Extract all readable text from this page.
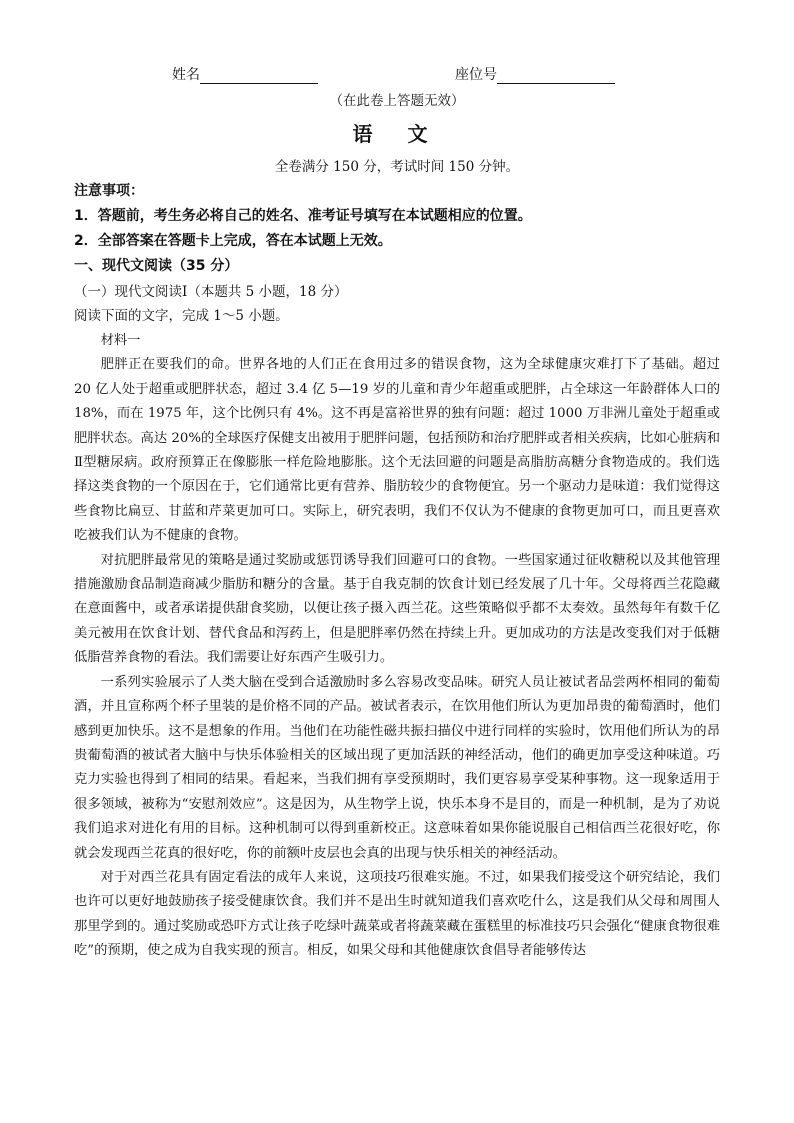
姓名	座位号
（在此卷上答题无效）
语 文
全卷满分 150 分，考试时间 150 分钟。
注意事项：
1．答题前，考生务必将自己的姓名、准考证号填写在本试题相应的位置。
2．全部答案在答题卡上完成，答在本试题上无效。
一、现代文阅读（35 分）
（一）现代文阅读Ⅰ（本题共 5 小题，18 分）
阅读下面的文字，完成 1～5 小题。

材料一

肥胖正在要我们的命。世界各地的人们正在食用过多的错误食物，这为全球健康灾难打下了基础。超过 20 亿人处于超重或肥胖状态，超过 3.4 亿 5—19 岁的儿童和青少年超重或肥胖，占全球这一年龄群体人口的 18%，而在 1975 年，这个比例只有 4%。这不再是富裕世界的独有问题：超过 1000 万非洲儿童处于超重或肥胖状态。高达 20%的全球医疗保健支出被用于肥胖问题，包括预防和治疗肥胖或者相关疾病，比如心脏病和Ⅱ型糖尿病。政府预算正在像膨胀一样危险地膨胀。这个无法回避的问题是高脂肪高糖分食物造成的。我们选择这类食物的一个原因在于，它们通常比更有营养、脂肪较少的食物便宜。另一个驱动力是味道：我们觉得这些食物比扁豆、甘蓝和芹菜更加可口。实际上，研究表明，我们不仅认为不健康的食物更加可口，而且更喜欢吃被我们认为不健康的食物。

对抗肥胖最常见的策略是通过奖励或惩罚诱导我们回避可口的食物。一些国家通过征收糖税以及其他管理措施激励食品制造商减少脂肪和糖分的含量。基于自我克制的饮食计划已经发展了几十年。父母将西兰花隐藏在意面酱中，或者承诺提供甜食奖励，以便让孩子摄入西兰花。这些策略似乎都不太奏效。虽然每年有数千亿美元被用在饮食计划、替代食品和泻药上，但是肥胖率仍然在持续上升。更加成功的方法是改变我们对于低糖低脂营养食物的看法。我们需要让好东西产生吸引力。

一系列实验展示了人类大脑在受到合适激励时多么容易改变品味。研究人员让被试者品尝两杯相同的葡萄酒，并且宣称两个杯子里装的是价格不同的产品。被试者表示，在饮用他们所认为更加昂贵的葡萄酒时，他们感到更加快乐。这不是想象的作用。当他们在功能性磁共振扫描仪中进行同样的实验时，饮用他们所认为的昂贵葡萄酒的被试者大脑中与快乐体验相关的区域出现了更加活跃的神经活动，他们的确更加享受这种味道。巧克力实验也得到了相同的结果。看起来，当我们拥有享受预期时，我们更容易享受某种事物。这一现象适用于很多领域，被称为“安慰剂效应”。这是因为，从生物学上说，快乐本身不是目的，而是一种机制，是为了劝说我们追求对进化有用的目标。这种机制可以得到重新校正。这意味着如果你能说服自己相信西兰花很好吃，你就会发现西兰花真的很好吃，你的前额叶皮层也会真的出现与快乐相关的神经活动。

对于对西兰花具有固定看法的成年人来说，这项技巧很难实施。不过，如果我们接受这个研究结论，我们也许可以更好地鼓励孩子接受健康饮食。我们并不是出生时就知道我们喜欢吃什么，这是我们从父母和周围人那里学到的。通过奖励或恐吓方式让孩子吃绿叶蔬菜或者将蔬菜藏在蛋糕里的标准技巧只会强化“健康食物很难吃”的预期，使之成为自我实现的预言。相反，如果父母和其他健康饮食倡导者能够传达
